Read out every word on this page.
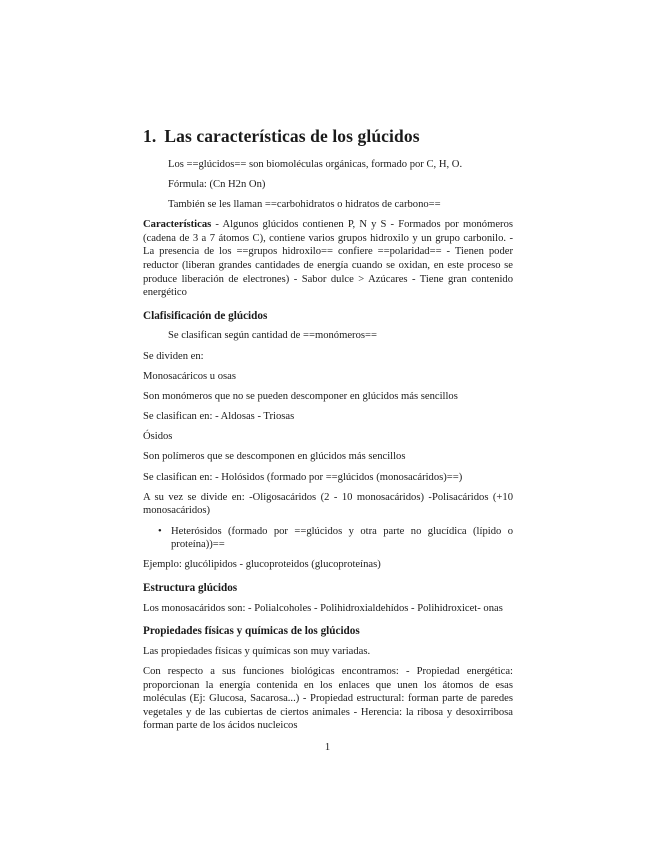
1. Las características de los glúcidos

Los ==glúcidos== son biomoléculas orgánicas, formado por C, H, O.

Fórmula: (Cn H2n On)

También se les llaman ==carbohidratos o hidratos de carbono==

Características - Algunos glúcidos contienen P, N y S - Formados por monómeros (cadena de 3 a 7 átomos C), contiene varios grupos hidroxilo y un grupo carbonilo. - La presencia de los ==grupos hidroxilo== confiere ==polaridad== - Tienen poder reductor (liberan grandes cantidades de energía cuando se oxidan, en este proceso se produce liberación de electrones) - Sabor dulce > Azúcares - Tiene gran contenido energético

Clafisificación de glúcidos

Se clasifican según cantidad de ==monómeros==

Se dividen en:

Monosacáricos u osas

Son monómeros que no se pueden descomponer en glúcidos más sencillos

Se clasifican en: - Aldosas - Triosas

Ósidos

Son polímeros que se descomponen en glúcidos más sencillos

Se clasifican en: - Holósidos (formado por ==glúcidos (monosacáridos)==)

A su vez se divide en: -Oligosacáridos (2 - 10 monosacáridos) -Polisacáridos (+10 monosacáridos)

• Heterósidos (formado por ==glúcidos y otra parte no glucídica (lípido o proteína))==

Ejemplo: glucólipidos - glucoproteidos (glucoproteínas)

Estructura glúcidos

Los monosacáridos son: - Polialcoholes - Polihidroxialdehídos - Polihidroxicet- onas

Propiedades físicas y químicas de los glúcidos

Las propiedades físicas y químicas son muy variadas.

Con respecto a sus funciones biológicas encontramos: - Propiedad energética: proporcionan la energía contenida en los enlaces que unen los átomos de esas moléculas (Ej: Glucosa, Sacarosa...) - Propiedad estructural: forman parte de paredes vegetales y de las cubiertas de ciertos animales - Herencia: la ribosa y desoxirribosa forman parte de los ácidos nucleicos

1
